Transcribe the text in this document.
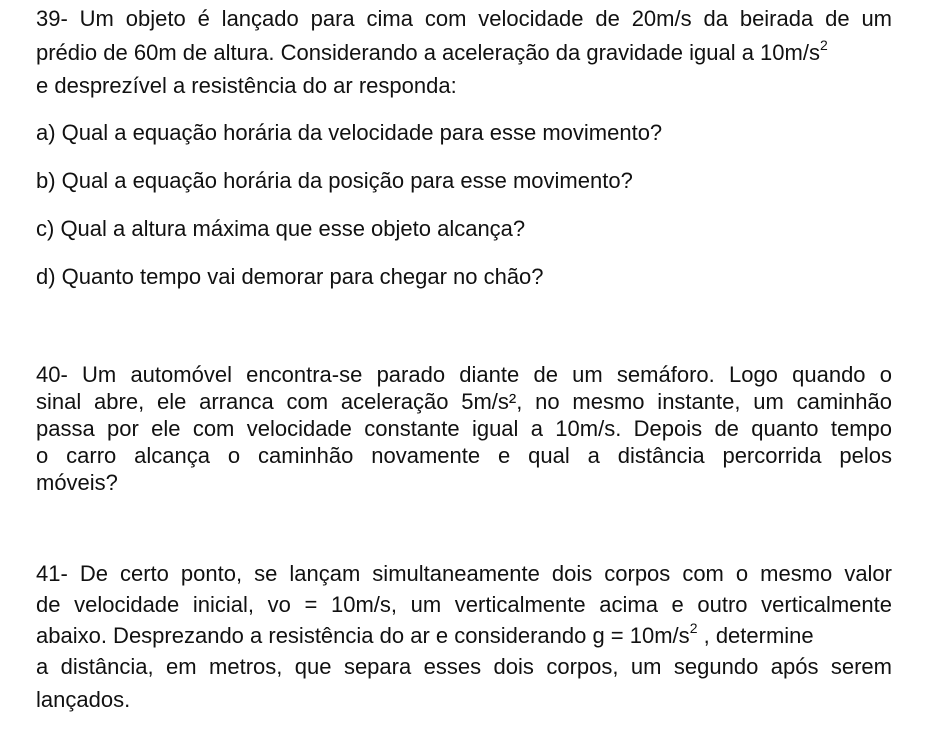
39- Um objeto é lançado para cima com velocidade de 20m/s da beirada de um
prédio de 60m de altura. Considerando a aceleração da gravidade igual a $10m/s^2$
e desprezível a resistência do ar responda:
a) Qual a equação horária da velocidade para esse movimento?
b) Qual a equação horária da posição para esse movimento?
c) Qual a altura máxima que esse objeto alcança?
d) Quanto tempo vai demorar para chegar no chão?
40- Um automóvel encontra-se parado diante de um semáforo. Logo quando o
sinal abre, ele arranca com aceleração 5m/s², no mesmo instante, um caminhão
passa por ele com velocidade constante igual a 10m/s. Depois de quanto tempo
o carro alcança o caminhão novamente e qual a distância percorrida pelos
móveis?
41- De certo ponto, se lançam simultaneamente dois corpos com o mesmo valor
de velocidade inicial, vo = 10m/s, um verticalmente acima e outro verticalmente
abaixo. Desprezando a resistência do ar e considerando $g = 10m/s^2$ , determine
a distância, em metros, que separa esses dois corpos, um segundo após serem
lançados.
